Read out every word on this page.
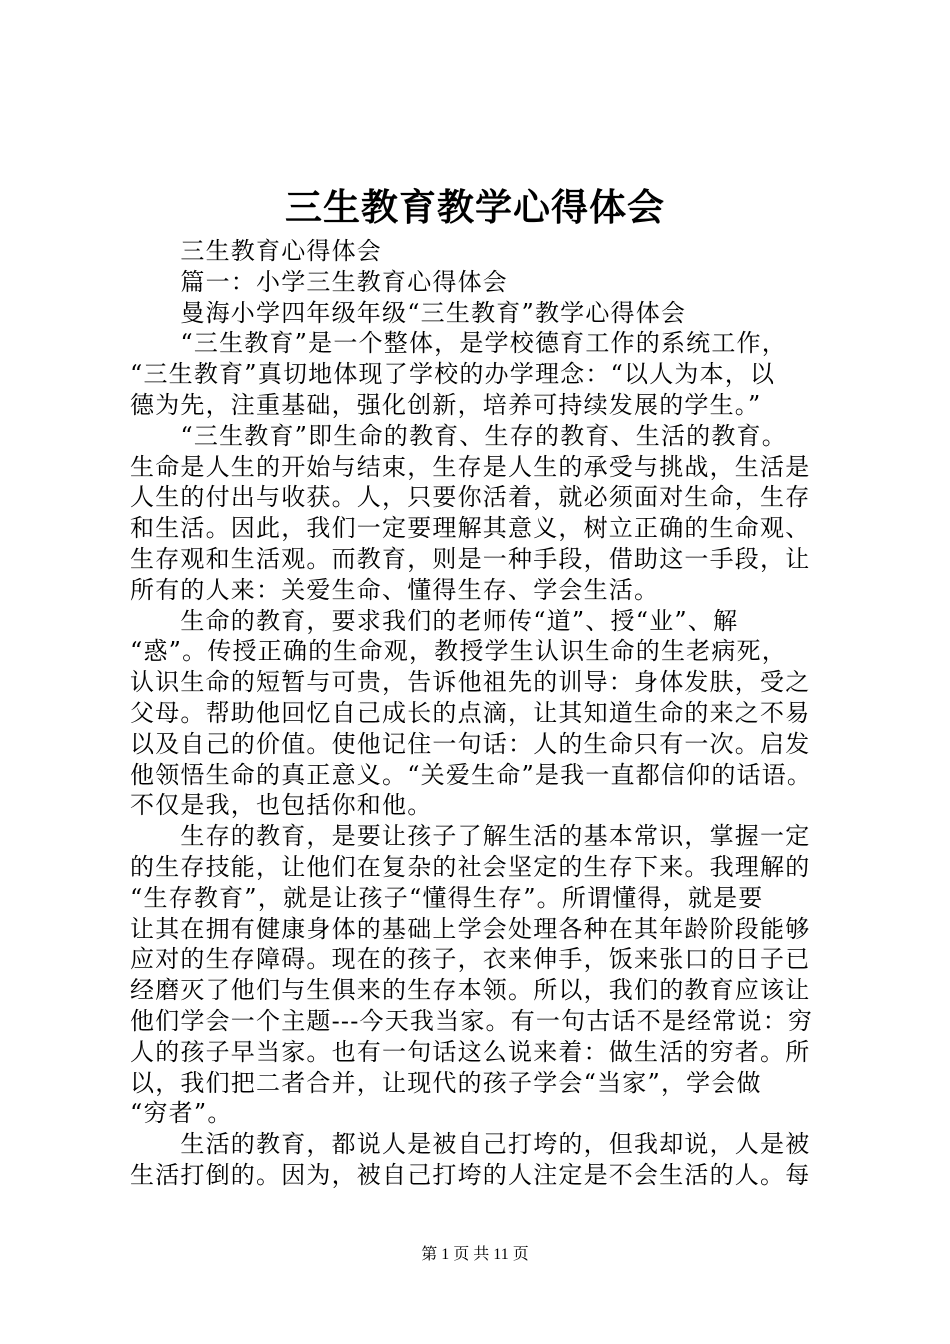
三生教育教学心得体会
　　三生教育心得体会
　　篇一：小学三生教育心得体会
　　曼海小学四年级年级“三生教育”教学心得体会
　　“三生教育”是一个整体，是学校德育工作的系统工作，
“三生教育”真切地体现了学校的办学理念：“以人为本，以
德为先，注重基础，强化创新，培养可持续发展的学生。”
　　“三生教育”即生命的教育、生存的教育、生活的教育。
生命是人生的开始与结束，生存是人生的承受与挑战，生活是
人生的付出与收获。人，只要你活着，就必须面对生命，生存
和生活。因此，我们一定要理解其意义，树立正确的生命观、
生存观和生活观。而教育，则是一种手段，借助这一手段，让
所有的人来：关爱生命、懂得生存、学会生活。
　　生命的教育，要求我们的老师传“道”、授“业”、解
“惑”。传授正确的生命观，教授学生认识生命的生老病死，
认识生命的短暂与可贵，告诉他祖先的训导：身体发肤，受之
父母。帮助他回忆自己成长的点滴，让其知道生命的来之不易
以及自己的价值。使他记住一句话：人的生命只有一次。启发
他领悟生命的真正意义。“关爱生命”是我一直都信仰的话语。
不仅是我，也包括你和他。
　　生存的教育，是要让孩子了解生活的基本常识，掌握一定
的生存技能，让他们在复杂的社会坚定的生存下来。我理解的
“生存教育”，就是让孩子“懂得生存”。所谓懂得，就是要
让其在拥有健康身体的基础上学会处理各种在其年龄阶段能够
应对的生存障碍。现在的孩子，衣来伸手，饭来张口的日子已
经磨灭了他们与生俱来的生存本领。所以，我们的教育应该让
他们学会一个主题---今天我当家。有一句古话不是经常说：穷
人的孩子早当家。也有一句话这么说来着：做生活的穷者。所
以，我们把二者合并，让现代的孩子学会“当家”，学会做
“穷者”。
　　生活的教育，都说人是被自己打垮的，但我却说，人是被
生活打倒的。因为，被自己打垮的人注定是不会生活的人。每
第 1 页 共 11 页
